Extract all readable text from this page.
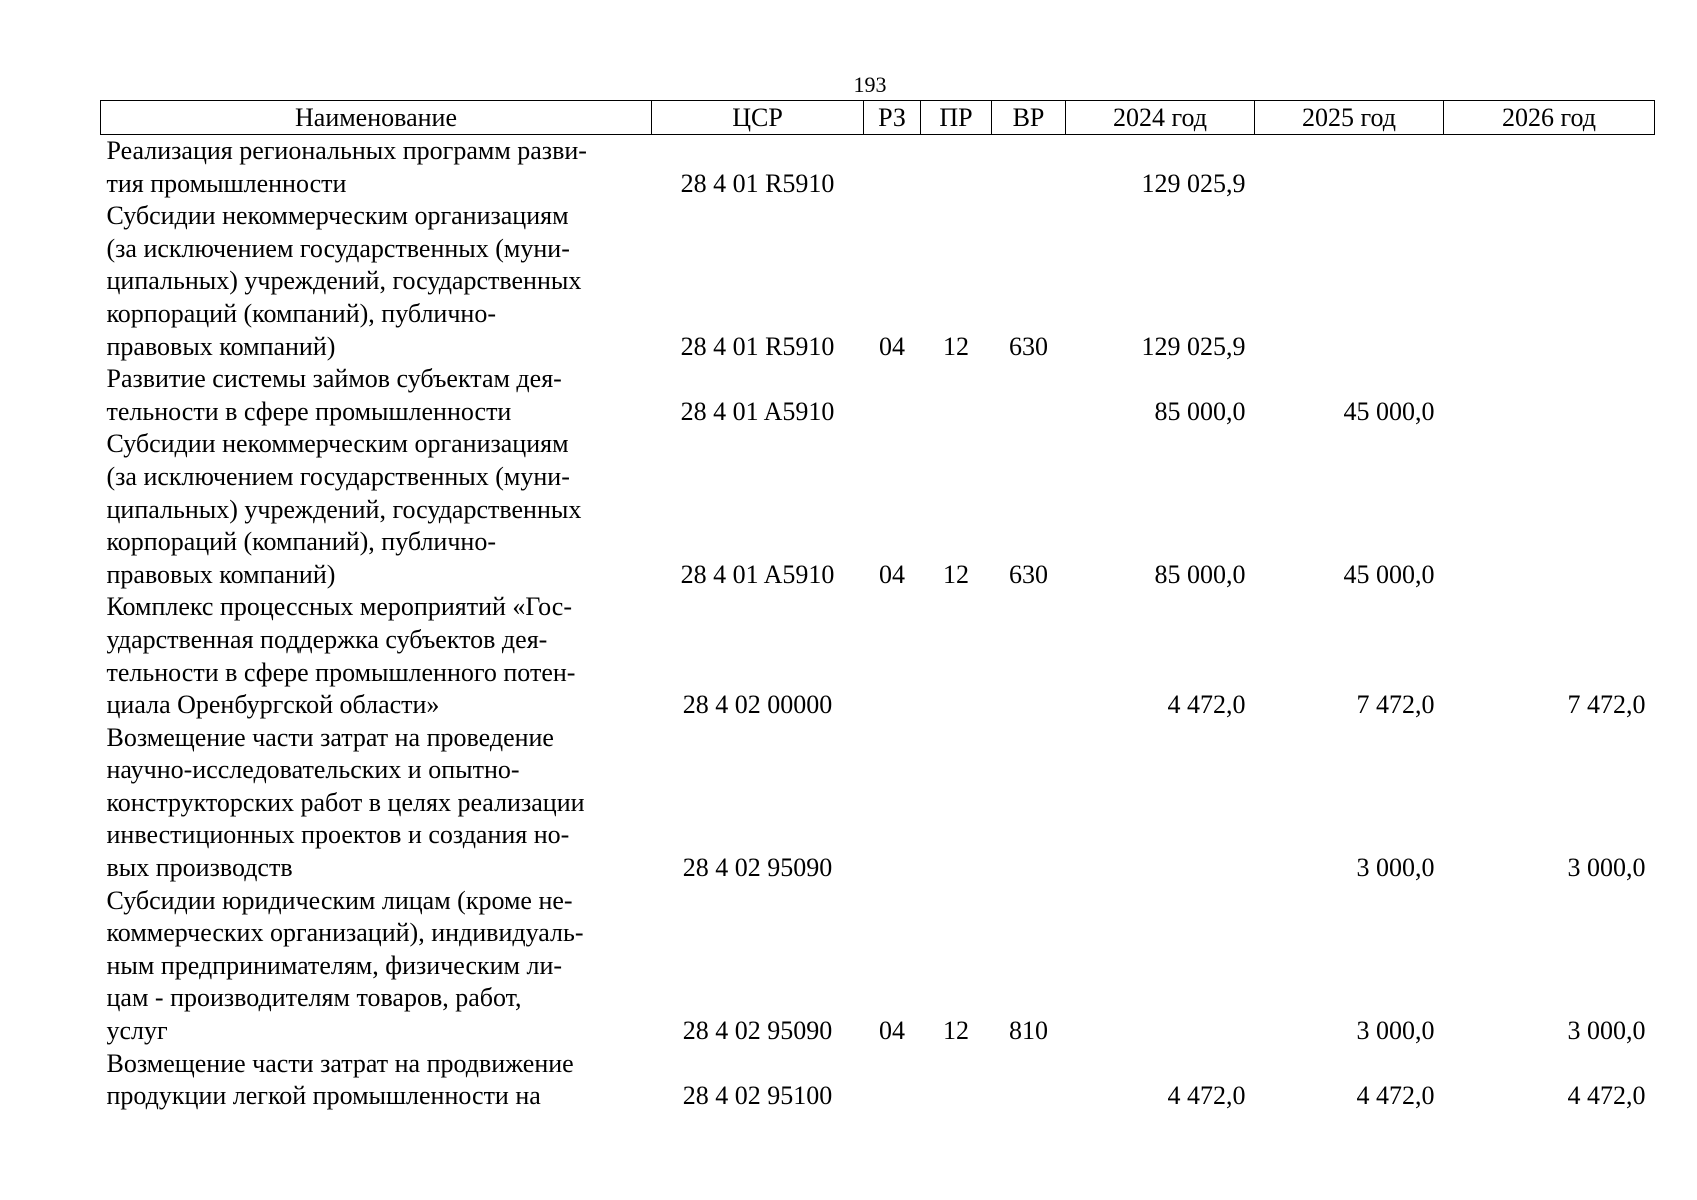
193
Наименование	ЦСР	РЗ	ПР	ВР	2024 год	2025 год	2026 год

Реализация региональных программ разви-
тия промышленности	28 4 01 R5910				129 025,9		

Субсидии некоммерческим организациям
(за исключением государственных (муни-
ципальных) учреждений, государственных
корпораций (компаний), публично-
правовых компаний)	28 4 01 R5910	04	12	630	129 025,9		

Развитие системы займов субъектам дея-
тельности в сфере промышленности	28 4 01 A5910				85 000,0	45 000,0	

Субсидии некоммерческим организациям
(за исключением государственных (муни-
ципальных) учреждений, государственных
корпораций (компаний), публично-
правовых компаний)	28 4 01 A5910	04	12	630	85 000,0	45 000,0	

Комплекс процессных мероприятий «Гос-
ударственная поддержка субъектов дея-
тельности в сфере промышленного потен-
циала Оренбургской области»	28 4 02 00000				4 472,0	7 472,0	7 472,0

Возмещение части затрат на проведение
научно-исследовательских и опытно-
конструкторских работ в целях реализации
инвестиционных проектов и создания но-
вых производств	28 4 02 95090					3 000,0	3 000,0

Субсидии юридическим лицам (кроме не-
коммерческих организаций), индивидуаль-
ным предпринимателям, физическим ли-
цам - производителям товаров, работ,
услуг	28 4 02 95090	04	12	810		3 000,0	3 000,0

Возмещение части затрат на продвижение
продукции легкой промышленности на	28 4 02 95100				4 472,0	4 472,0	4 472,0
